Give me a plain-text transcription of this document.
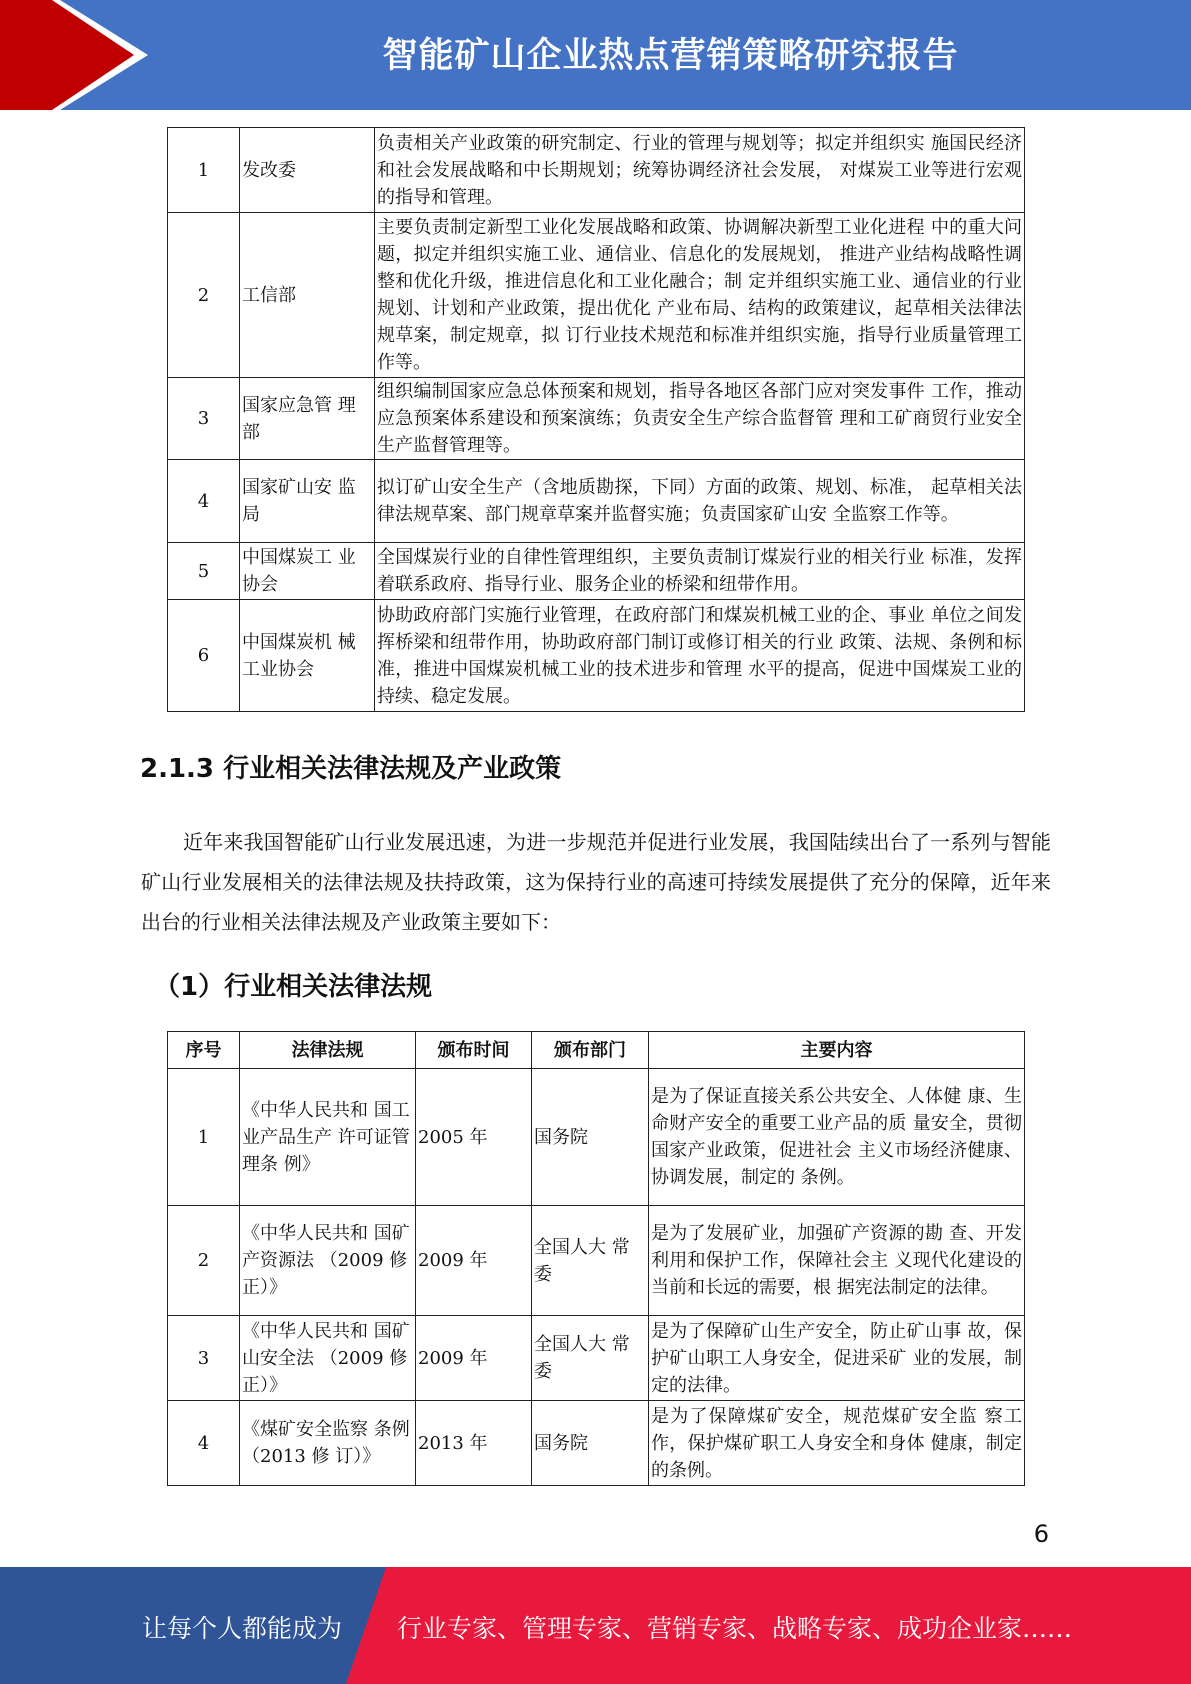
智能矿山企业热点营销策略研究报告
1	发改委	负责相关产业政策的研究制定、行业的管理与规划等；拟定并组织实 施国民经济和社会发展战略和中长期规划；统筹协调经济社会发展， 对煤炭工业等进行宏观的指导和管理。
2	工信部	主要负责制定新型工业化发展战略和政策、协调解决新型工业化进程 中的重大问题，拟定并组织实施工业、通信业、信息化的发展规划， 推进产业结构战略性调整和优化升级，推进信息化和工业化融合；制 定并组织实施工业、通信业的行业规划、计划和产业政策，提出优化 产业布局、结构的政策建议，起草相关法律法规草案，制定规章，拟 订行业技术规范和标准并组织实施，指导行业质量管理工作等。
3	国家应急管 理部	组织编制国家应急总体预案和规划，指导各地区各部门应对突发事件 工作，推动应急预案体系建设和预案演练；负责安全生产综合监督管 理和工矿商贸行业安全生产监督管理等。
4	国家矿山安 监局	拟订矿山安全生产（含地质勘探，下同）方面的政策、规划、标准， 起草相关法律法规草案、部门规章草案并监督实施；负责国家矿山安 全监察工作等。
5	中国煤炭工 业协会	全国煤炭行业的自律性管理组织，主要负责制订煤炭行业的相关行业 标准，发挥着联系政府、指导行业、服务企业的桥梁和纽带作用。
6	中国煤炭机 械工业协会	协助政府部门实施行业管理，在政府部门和煤炭机械工业的企、事业 单位之间发挥桥梁和纽带作用，协助政府部门制订或修订相关的行业 政策、法规、条例和标准，推进中国煤炭机械工业的技术进步和管理 水平的提高，促进中国煤炭工业的持续、稳定发展。
2.1.3 行业相关法律法规及产业政策
近年来我国智能矿山行业发展迅速，为进一步规范并促进行业发展，我国陆续出台了一系列与智能矿山行业发展相关的法律法规及扶持政策，这为保持行业的高速可持续发展提供了充分的保障，近年来出台的行业相关法律法规及产业政策主要如下：
（1）行业相关法律法规
序号	法律法规	颁布时间	颁布部门	主要内容
1	《中华人民共和 国工业产品生产 许可证管理条 例》	2005 年	国务院	是为了保证直接关系公共安全、人体健 康、生命财产安全的重要工业产品的质 量安全，贯彻国家产业政策，促进社会 主义市场经济健康、协调发展，制定的 条例。
2	《中华人民共和 国矿产资源法 （2009 修正）》	2009 年	全国人大 常委	是为了发展矿业，加强矿产资源的勘 查、开发利用和保护工作，保障社会主 义现代化建设的当前和长远的需要，根 据宪法制定的法律。
3	《中华人民共和 国矿山安全法 （2009 修正）》	2009 年	全国人大 常委	是为了保障矿山生产安全，防止矿山事 故，保护矿山职工人身安全，促进采矿 业的发展，制定的法律。
4	《煤矿安全监察 条例（2013 修 订）》	2013 年	国务院	是为了保障煤矿安全，规范煤矿安全监 察工作，保护煤矿职工人身安全和身体 健康，制定的条例。
6
让每个人都能成为 行业专家、管理专家、营销专家、战略专家、成功企业家……
